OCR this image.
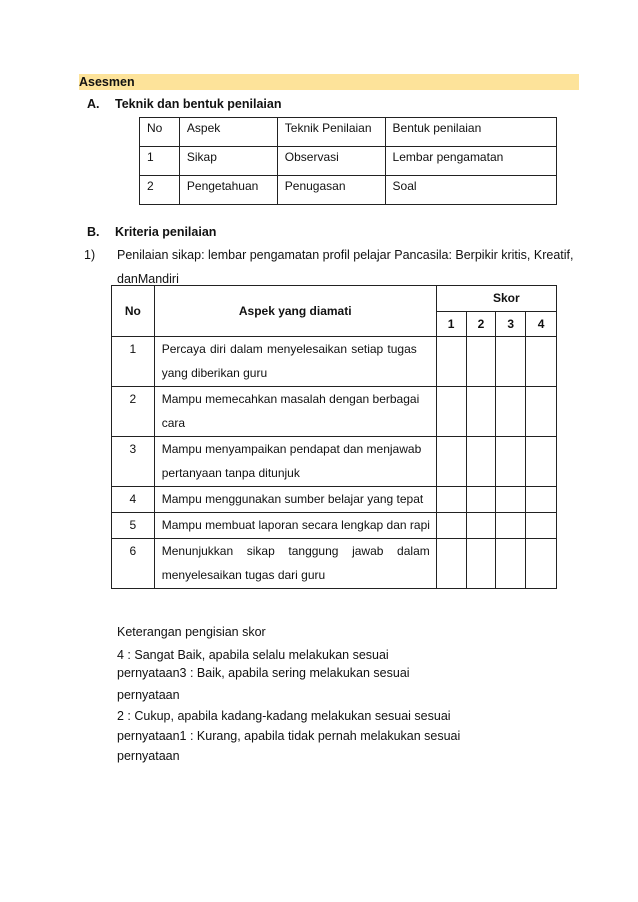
Asesmen
A. Teknik dan bentuk penilaian
No	Aspek	Teknik Penilaian	Bentuk penilaian
1	Sikap	Observasi	Lembar pengamatan
2	Pengetahuan	Penugasan	Soal
B. Kriteria penilaian
1) Penilaian sikap: lembar pengamatan profil pelajar Pancasila: Berpikir kritis, Kreatif,
danMandiri
No	Aspek yang diamati	Skor			
		1	2	3	4
1	Percaya diri dalam menyelesaikan setiap tugas
yang diberikan guru				

2	Mampu memecahkan masalah dengan berbagai
cara				

3	Mampu menyampaikan pendapat dan menjawab
pertanyaan tanpa ditunjuk				

4	Mampu menggunakan sumber belajar yang tepat				

5	Mampu membuat laporan secara lengkap dan rapi				

6	Menunjukkan sikap tanggung jawab dalam
menyelesaikan tugas dari guru				

Keterangan pengisian skor
4 : Sangat Baik, apabila selalu melakukan sesuai
pernyataan3 : Baik, apabila sering melakukan sesuai
pernyataan
2 : Cukup, apabila kadang-kadang melakukan sesuai sesuai
pernyataan1 : Kurang, apabila tidak pernah melakukan sesuai
pernyataan
